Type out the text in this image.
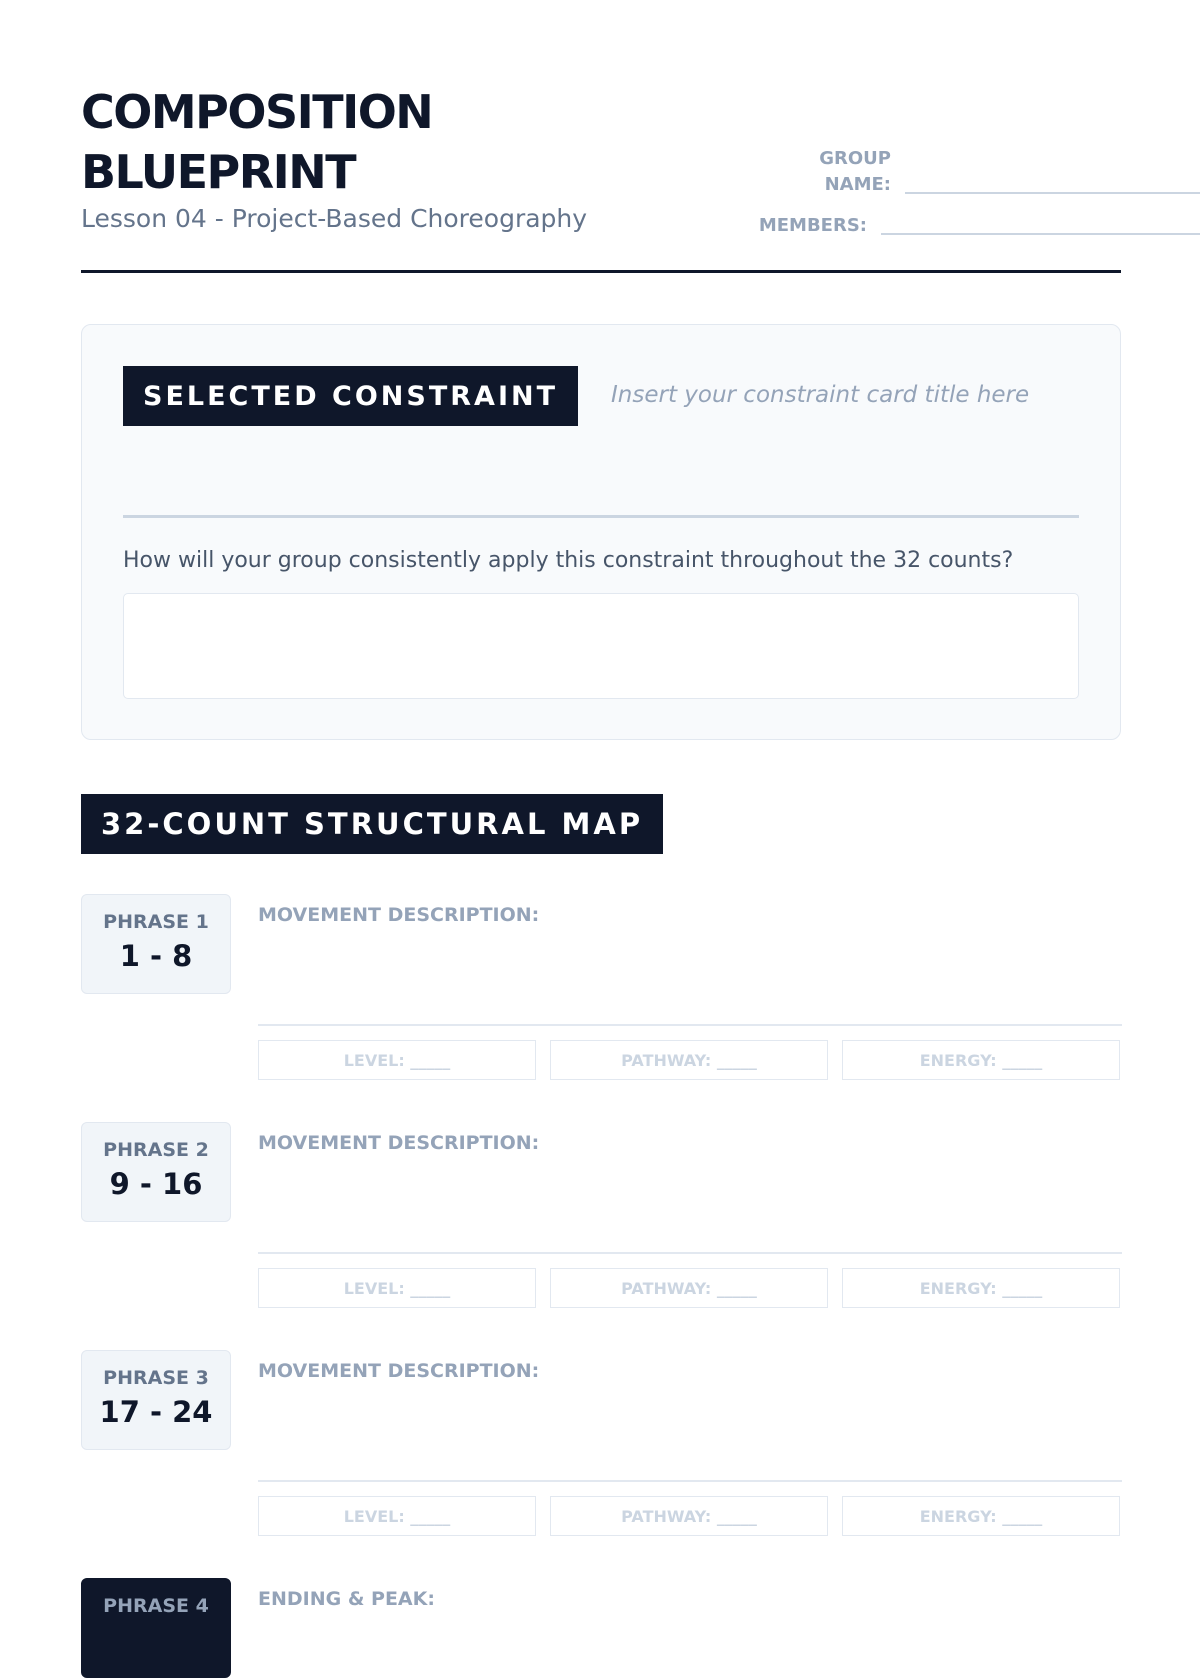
COMPOSITION
BLUEPRINT

Lesson 04 - Project-Based Choreography

GROUP
NAME:
MEMBERS:
SELECTED CONSTRAINT	Insert your constraint card title here
How will your group consistently apply this constraint throughout the 32 counts?
32-COUNT STRUCTURAL MAP
PHRASE 1
1 - 8
MOVEMENT DESCRIPTION:
LEVEL: _____	PATHWAY: _____	ENERGY: _____
PHRASE 2
9 - 16
MOVEMENT DESCRIPTION:
LEVEL: _____	PATHWAY: _____	ENERGY: _____
PHRASE 3
17 - 24
MOVEMENT DESCRIPTION:
LEVEL: _____	PATHWAY: _____	ENERGY: _____
PHRASE 4	ENDING & PEAK:
